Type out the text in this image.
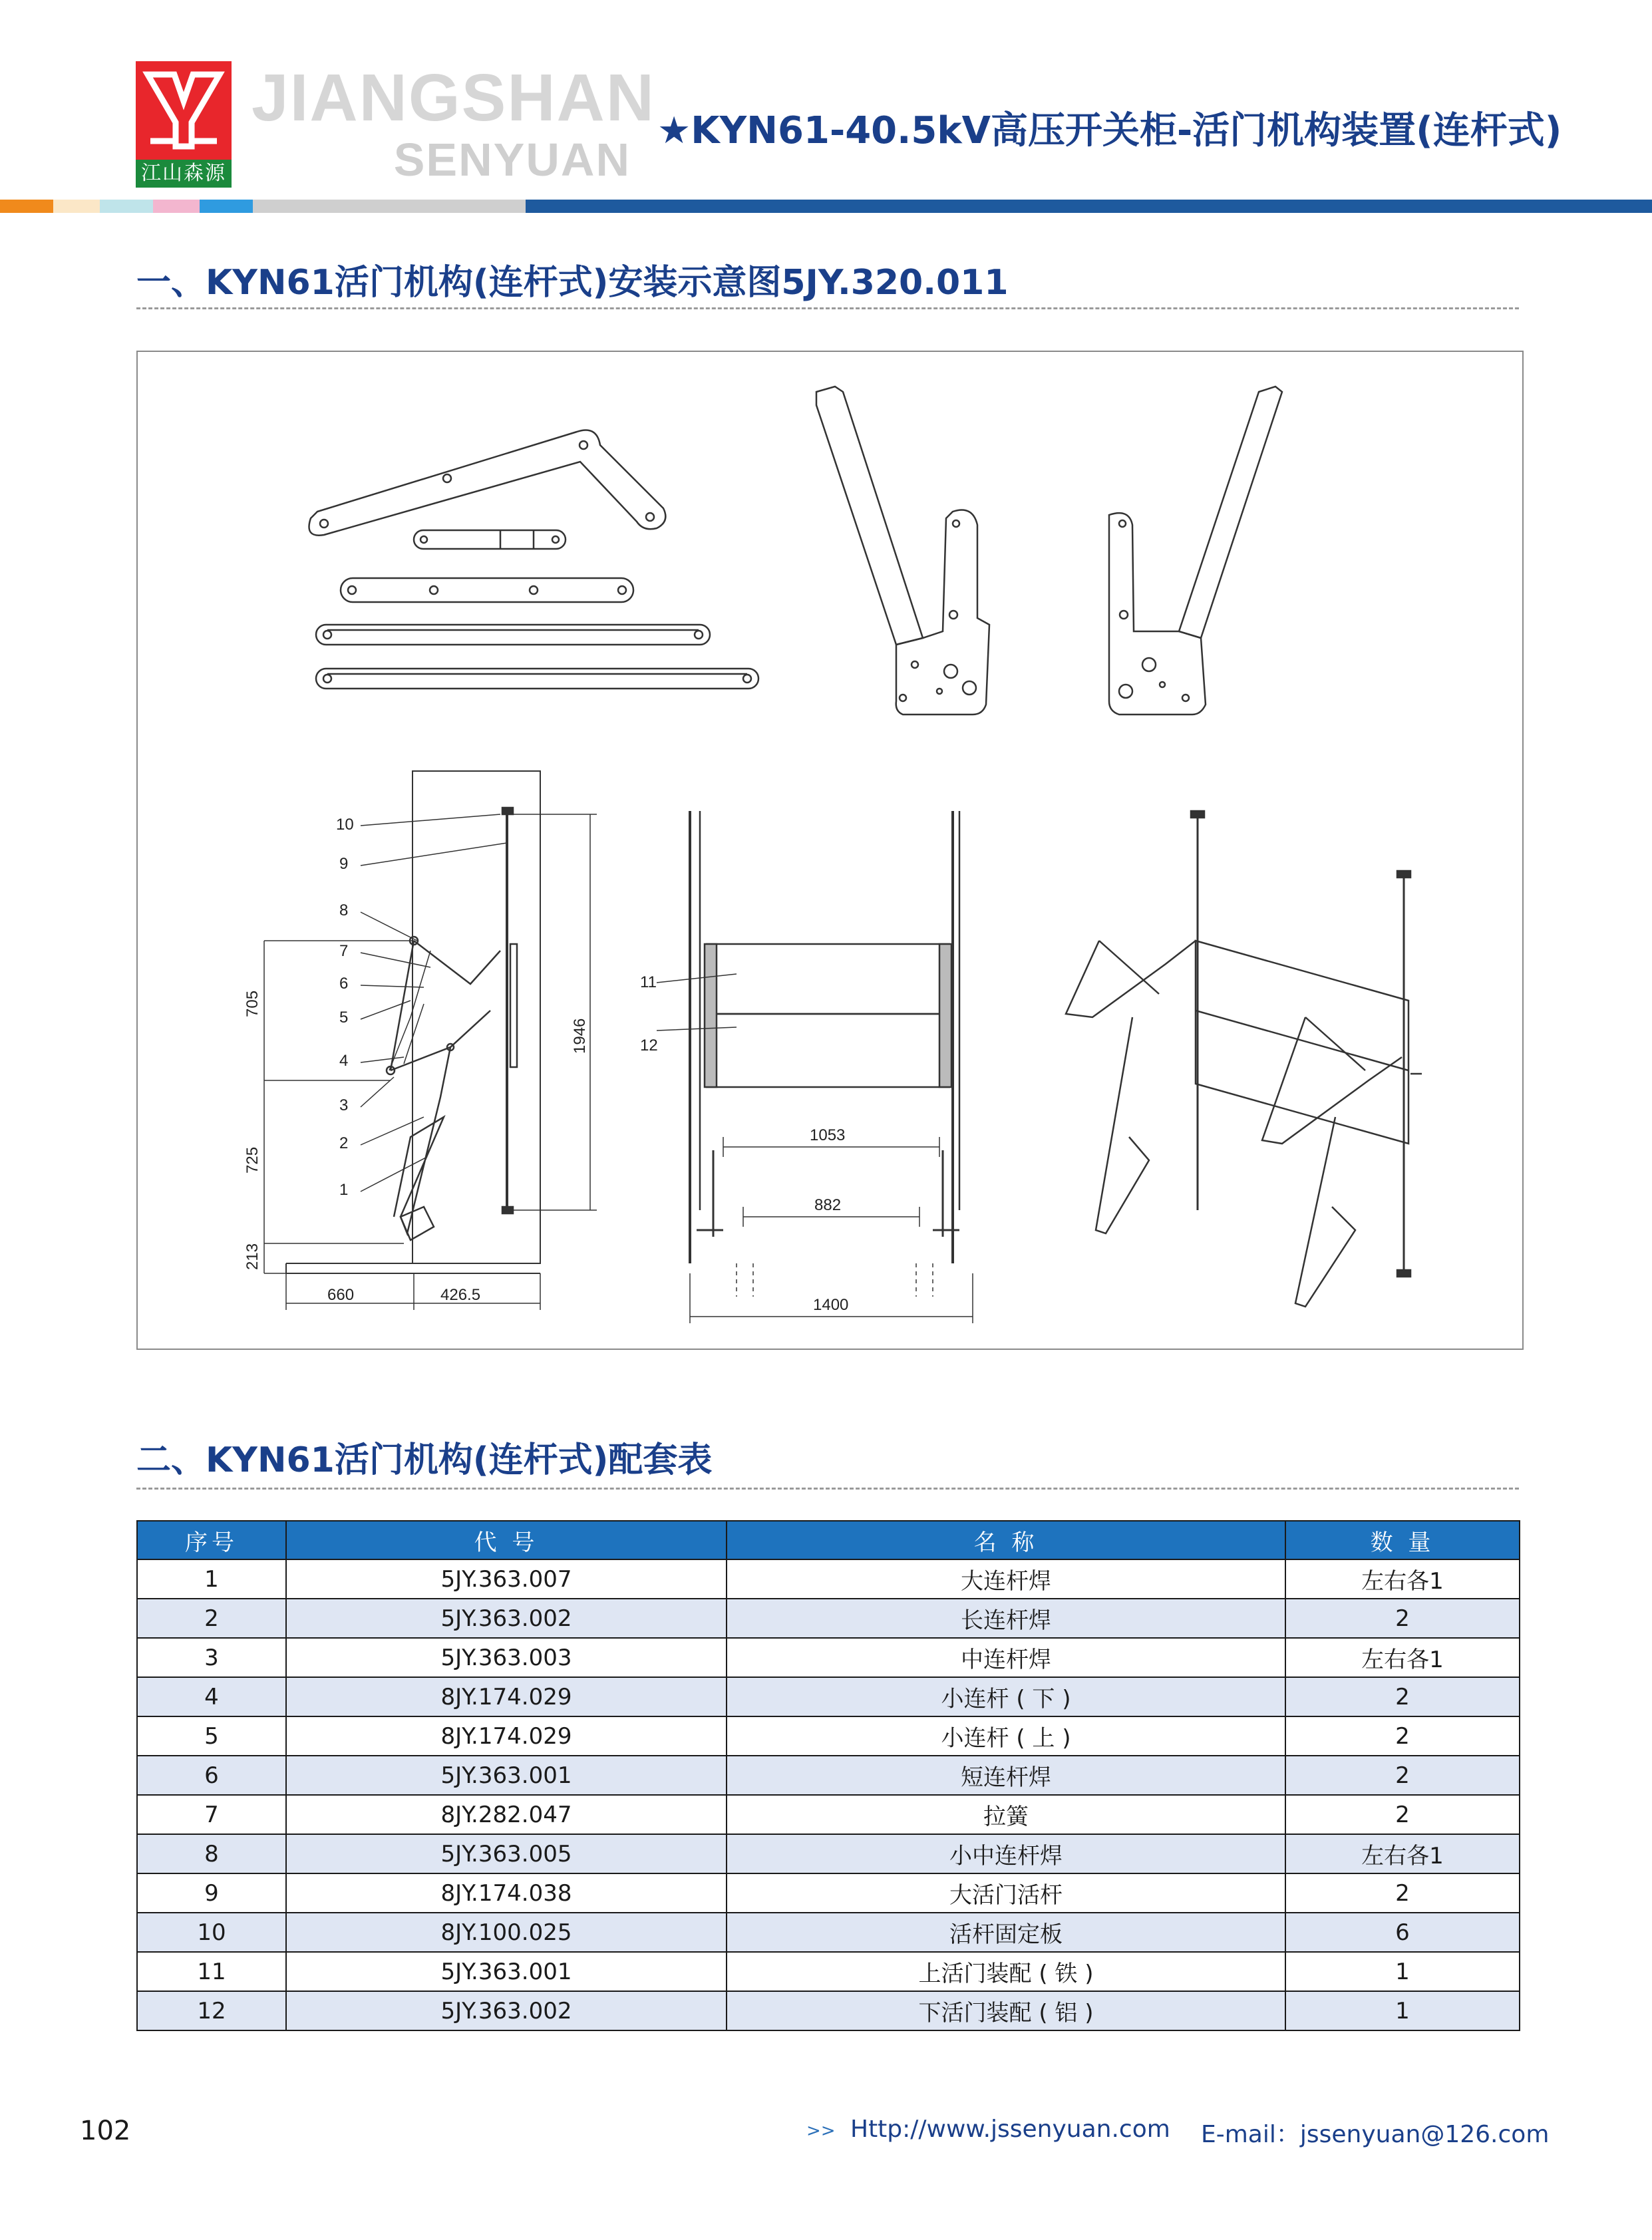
江山森源
JIANGSHAN
SENYUAN
★KYN61-40.5kV高压开关柜-活门机构装置(连杆式)
一、KYN61活门机构(连杆式)安装示意图5JY.320.011
10
9
8
7
6
5
4
3
2
1
11
12
705
725
213
1946
660	426.5
1053
882
1400
二、KYN61活门机构(连杆式)配套表
序号	代 号	名 称	数 量
1	5JY.363.007	大连杆焊	左右各1
2	5JY.363.002	长连杆焊	2
3	5JY.363.003	中连杆焊	左右各1
4	8JY.174.029	小连杆 ( 下 )	2
5	8JY.174.029	小连杆 ( 上 )	2
6	5JY.363.001	短连杆焊	2
7	8JY.282.047	拉簧	2
8	5JY.363.005	小中连杆焊	左右各1
9	8JY.174.038	大活门活杆	2
10	8JY.100.025	活杆固定板	6
11	5JY.363.001	上活门装配 ( 铁 )	1
12	5JY.363.002	下活门装配 ( 铝 )	1
102	>> Http://www.jssenyuan.com E-mail：jssenyuan@126.com
